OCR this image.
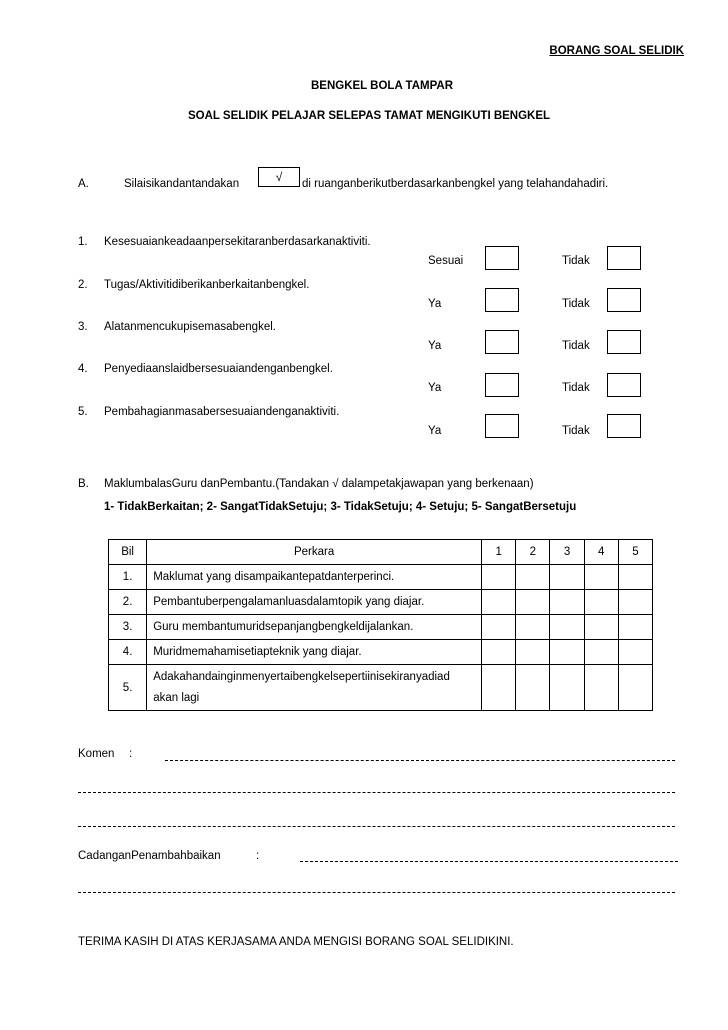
BORANG SOAL SELIDIK
BENGKEL BOLA TAMPAR
SOAL SELIDIK PELAJAR SELEPAS TAMAT MENGIKUTI BENGKEL
A.	Silaisikandantandakan	√	di ruanganberikutberdasarkanbengkel yang telahandahadiri.
1. Kesesuaiankeadaanpersekitaranberdasarkanaktiviti.
Sesuai	Tidak
2. Tugas/Aktivitidiberikanberkaitanbengkel.
Ya	Tidak
3. Alatanmencukupisemasabengkel.
Ya	Tidak
4. Penyediaanslaidbersesuaiandenganbengkel.
Ya	Tidak
5. Pembahagianmasabersesuaiandenganaktiviti.
Ya	Tidak
B. MaklumbalasGuru danPembantu.(Tandakan √ dalampetakjawapan yang berkenaan)
1- TidakBerkaitan; 2- SangatTidakSetuju; 3- TidakSetuju; 4- Setuju; 5- SangatBersetuju
Bil	Perkara	1	2	3	4	5
1.	Maklumat yang disampaikantepatdanterperinci.					
2.	Pembantuberpengalamanluasdalamtopik yang diajar.					
3.	Guru membantumuridsepanjangbengkeldijalankan.					
4.	Muridmemahamisetiapteknik yang diajar.					
5.	Adakahandainginmenyertaibengkelsepertiinisekiranyadiad
akan lagi					

Komen :
CadanganPenambahbaikan	:
TERIMA KASIH DI ATAS KERJASAMA ANDA MENGISI BORANG SOAL SELIDIKINI.
